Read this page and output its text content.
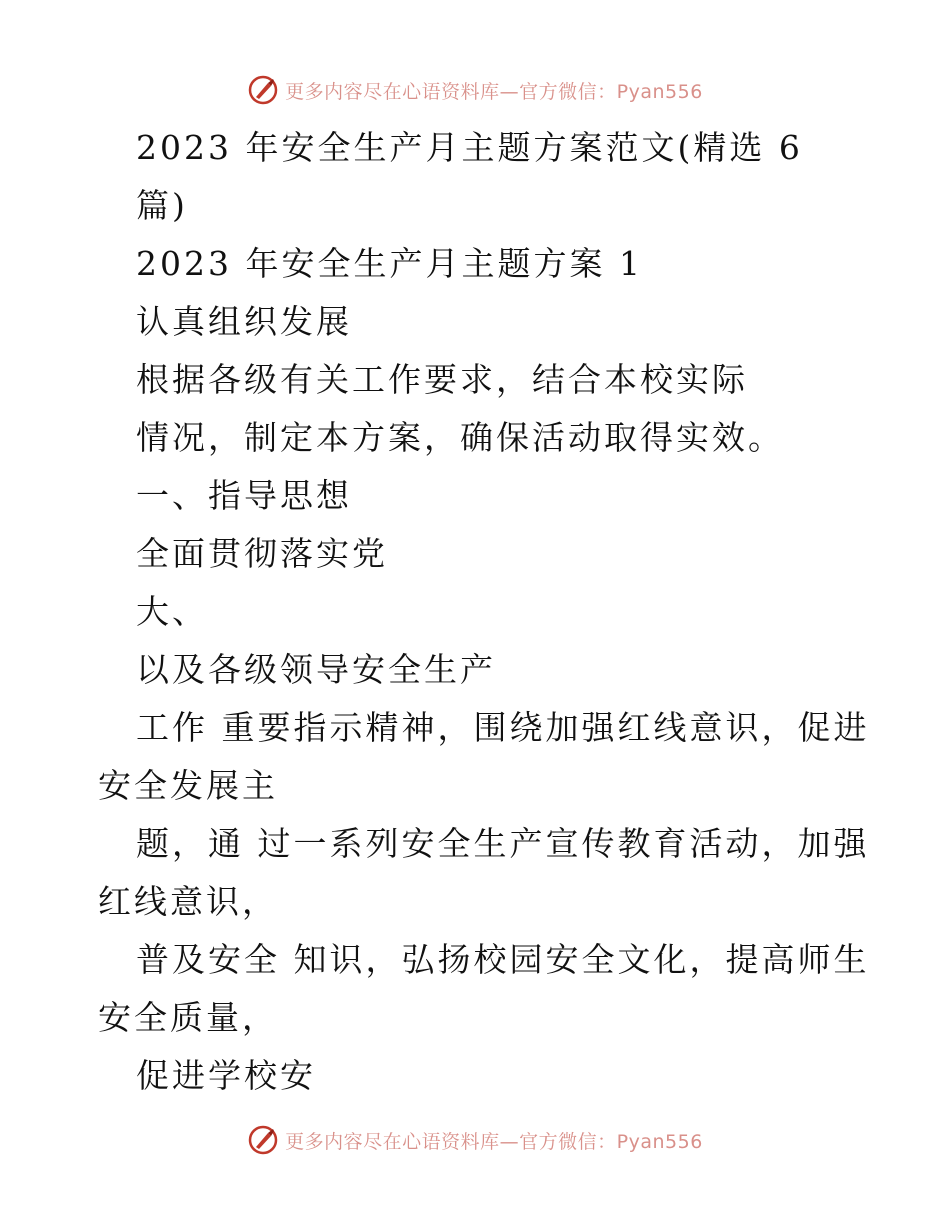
更多内容尽在心语资料库—官方微信：Pyan556
2023 年安全生产月主题方案范文(精选 6
篇)
2023 年安全生产月主题方案 1
认真组织发展
根据各级有关工作要求，结合本校实际
情况，制定本方案，确保活动取得实效。
一、指导思想
全面贯彻落实党
大、
以及各级领导安全生产
工作 重要指示精神，围绕加强红线意识，促进
安全发展主
题，通 过一系列安全生产宣传教育活动，加强
红线意识，
普及安全 知识，弘扬校园安全文化，提高师生
安全质量，
促进学校安
更多内容尽在心语资料库—官方微信：Pyan556
